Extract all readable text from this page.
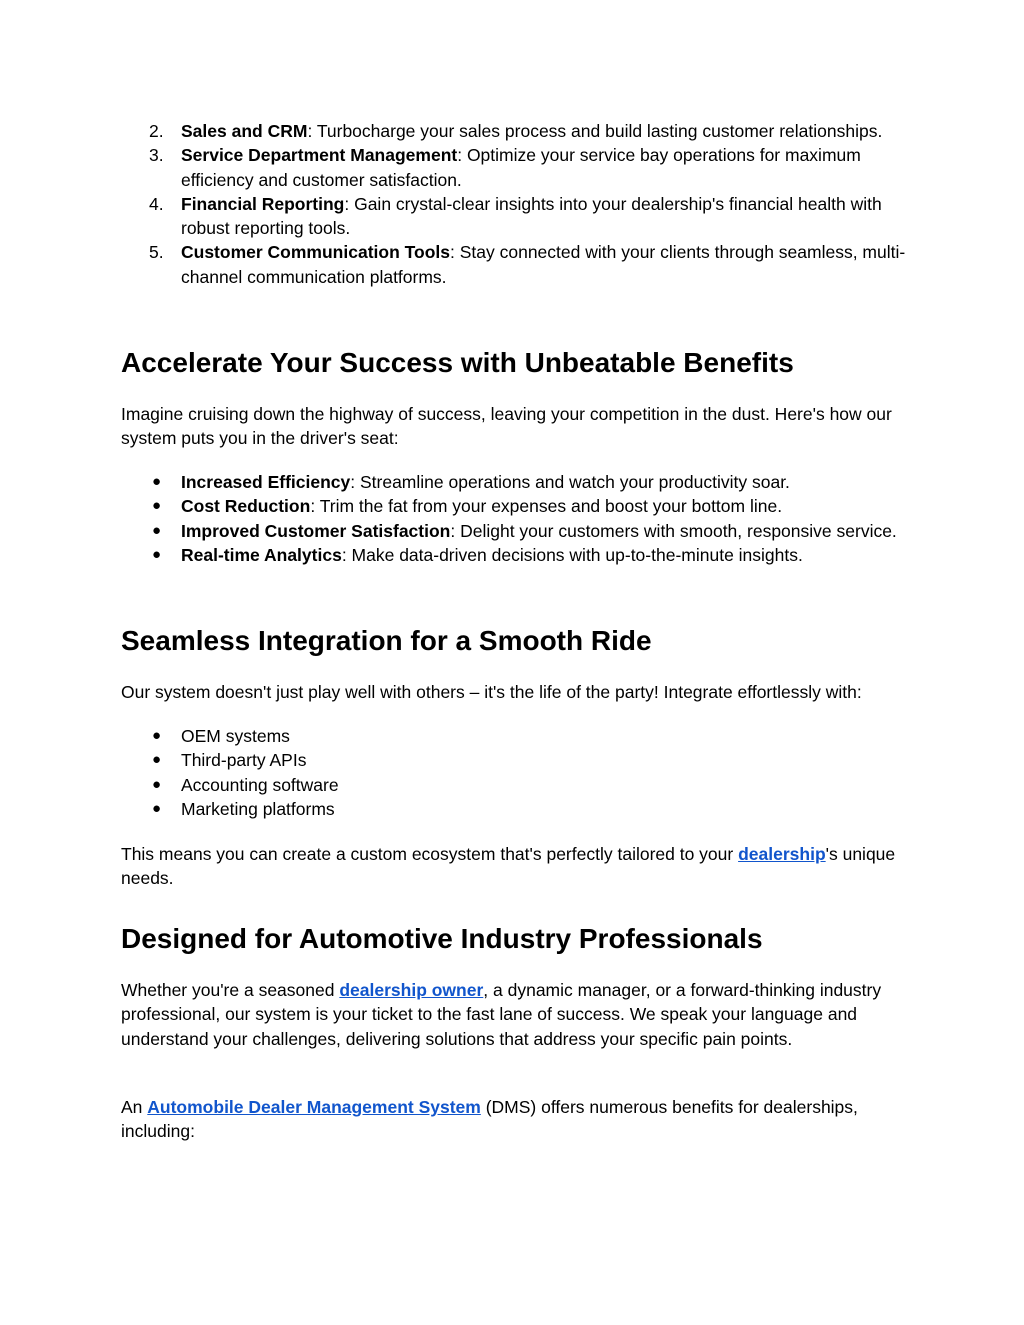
2. Sales and CRM: Turbocharge your sales process and build lasting customer relationships.
3. Service Department Management: Optimize your service bay operations for maximum efficiency and customer satisfaction.
4. Financial Reporting: Gain crystal-clear insights into your dealership's financial health with robust reporting tools.
5. Customer Communication Tools: Stay connected with your clients through seamless, multi-channel communication platforms.
Accelerate Your Success with Unbeatable Benefits

Imagine cruising down the highway of success, leaving your competition in the dust. Here's how our system puts you in the driver's seat:

● Increased Efficiency: Streamline operations and watch your productivity soar.
● Cost Reduction: Trim the fat from your expenses and boost your bottom line.
● Improved Customer Satisfaction: Delight your customers with smooth, responsive service.
● Real-time Analytics: Make data-driven decisions with up-to-the-minute insights.
Seamless Integration for a Smooth Ride

Our system doesn't just play well with others – it's the life of the party! Integrate effortlessly with:

● OEM systems
● Third-party APIs
● Accounting software
● Marketing platforms

This means you can create a custom ecosystem that's perfectly tailored to your dealership's unique needs.

Designed for Automotive Industry Professionals

Whether you're a seasoned dealership owner, a dynamic manager, or a forward-thinking industry professional, our system is your ticket to the fast lane of success. We speak your language and understand your challenges, delivering solutions that address your specific pain points.

An Automobile Dealer Management System (DMS) offers numerous benefits for dealerships, including:
